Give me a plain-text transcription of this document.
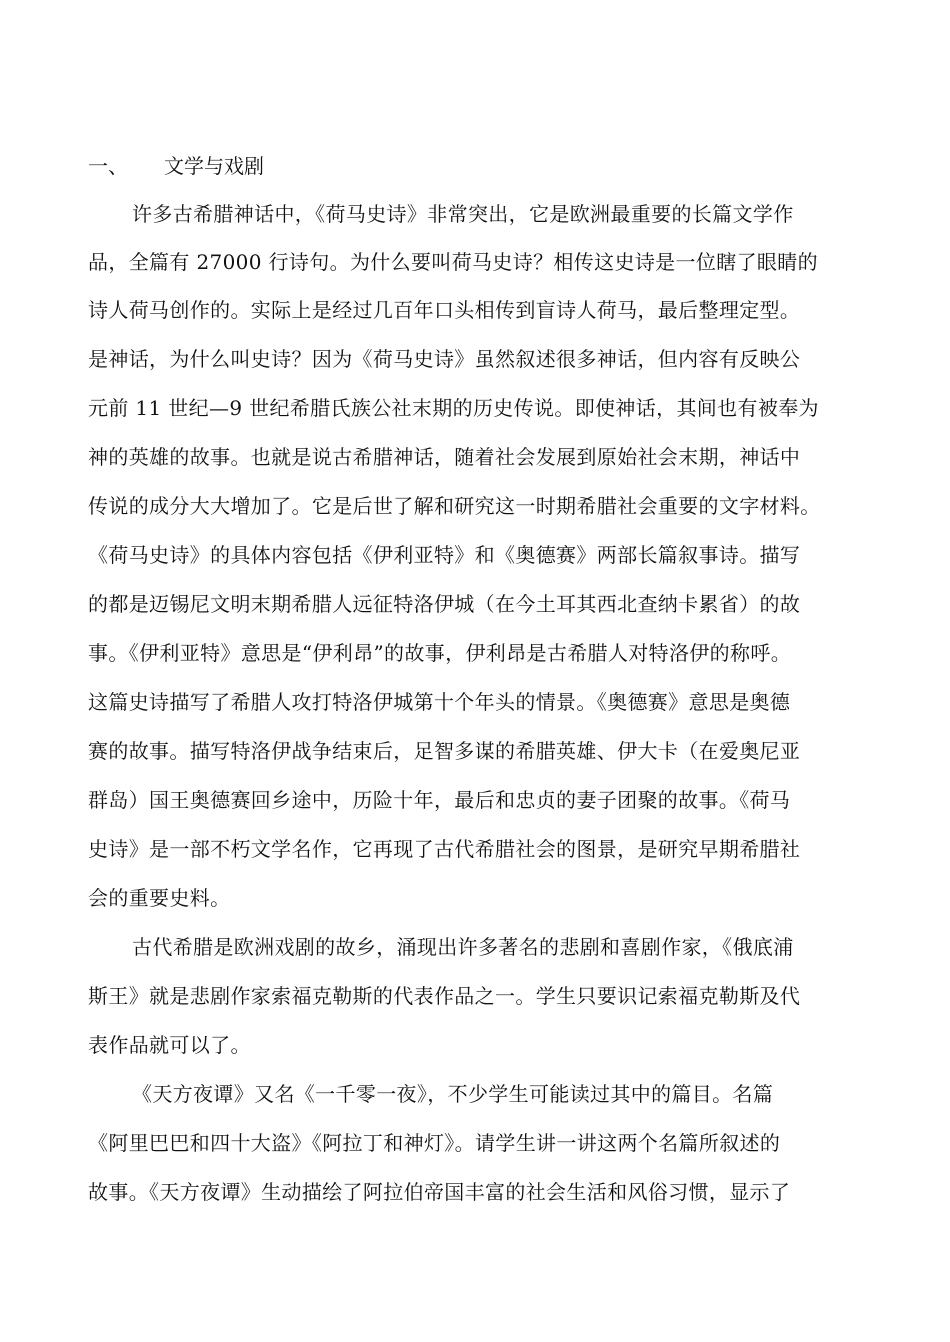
一、 文学与戏剧
许多古希腊神话中，《荷马史诗》非常突出，它是欧洲最重要的长篇文学作
品，全篇有 27000 行诗句。为什么要叫荷马史诗？相传这史诗是一位瞎了眼睛的
诗人荷马创作的。实际上是经过几百年口头相传到盲诗人荷马，最后整理定型。
是神话，为什么叫史诗？因为《荷马史诗》虽然叙述很多神话，但内容有反映公
元前 11 世纪—9 世纪希腊氏族公社末期的历史传说。即使神话，其间也有被奉为
神的英雄的故事。也就是说古希腊神话，随着社会发展到原始社会末期，神话中
传说的成分大大增加了。它是后世了解和研究这一时期希腊社会重要的文字材料。
《荷马史诗》的具体内容包括《伊利亚特》和《奥德赛》两部长篇叙事诗。描写
的都是迈锡尼文明末期希腊人远征特洛伊城（在今土耳其西北查纳卡累省）的故
事。《伊利亚特》意思是“伊利昂”的故事，伊利昂是古希腊人对特洛伊的称呼。
这篇史诗描写了希腊人攻打特洛伊城第十个年头的情景。《奥德赛》意思是奥德
赛的故事。描写特洛伊战争结束后，足智多谋的希腊英雄、伊大卡（在爱奥尼亚
群岛）国王奥德赛回乡途中，历险十年，最后和忠贞的妻子团聚的故事。《荷马
史诗》是一部不朽文学名作，它再现了古代希腊社会的图景，是研究早期希腊社
会的重要史料。
古代希腊是欧洲戏剧的故乡，涌现出许多著名的悲剧和喜剧作家，《俄底浦
斯王》就是悲剧作家索福克勒斯的代表作品之一。学生只要识记索福克勒斯及代
表作品就可以了。
《天方夜谭》又名《一千零一夜》，不少学生可能读过其中的篇目。名篇
《阿里巴巴和四十大盗》《阿拉丁和神灯》。请学生讲一讲这两个名篇所叙述的
故事。《天方夜谭》生动描绘了阿拉伯帝国丰富的社会生活和风俗习惯，显示了
